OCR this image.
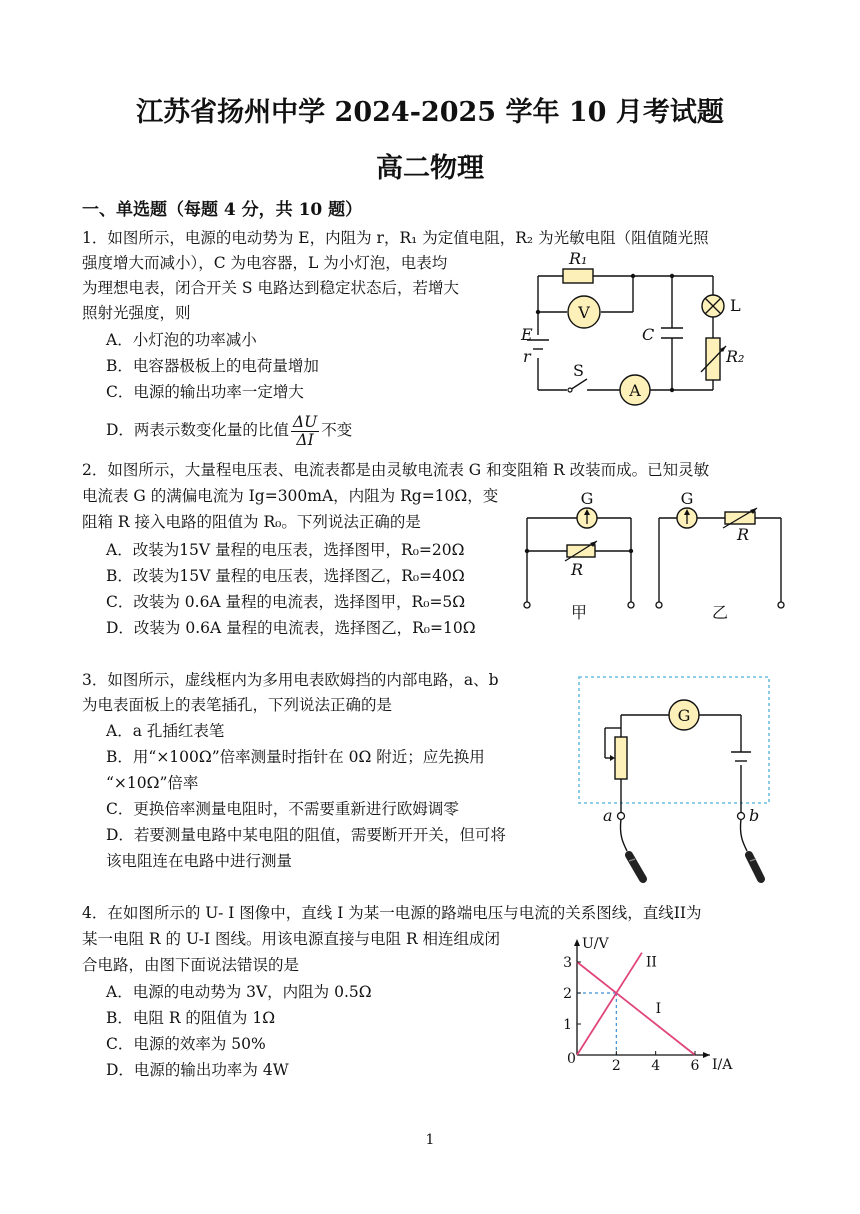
江苏省扬州中学 2024-2025 学年 10 月考试题
高二物理
一、单选题（每题 4 分，共 10 题）
1．如图所示，电源的电动势为 E，内阻为 r，R₁ 为定值电阻，R₂ 为光敏电阻（阻值随光照
强度增大而减小），C 为电容器，L 为小灯泡，电表均
为理想电表，闭合开关 S 电路达到稳定状态后，若增大
照射光强度，则
A．小灯泡的功率减小
B．电容器极板上的电荷量增加
C．电源的输出功率一定增大
D．两表示数变化量的比值 $\frac{\Delta U}{\Delta I}$ 不变
R₁
E
r
C
R₂
V
A
L
S
2．如图所示，大量程电压表、电流表都是由灵敏电流表 G 和变阻箱 R 改装而成。已知灵敏
电流表 G 的满偏电流为 Ig=300mA，内阻为 Rg=10Ω，变
阻箱 R 接入电路的阻值为 R₀。下列说法正确的是
A．改装为15V 量程的电压表，选择图甲，R₀=20Ω
B．改装为15V 量程的电压表，选择图乙，R₀=40Ω
C．改装为 0.6A 量程的电流表，选择图甲，R₀=5Ω
D．改装为 0.6A 量程的电流表，选择图乙，R₀=10Ω
G	G
甲	乙
R
R
3．如图所示，虚线框内为多用电表欧姆挡的内部电路，a、b
为电表面板上的表笔插孔，下列说法正确的是
A．a 孔插红表笔
B．用“×100Ω”倍率测量时指针在 0Ω 附近；应先换用
“×10Ω”倍率
C．更换倍率测量电阻时，不需要重新进行欧姆调零
D．若要测量电路中某电阻的阻值，需要断开开关，但可将
该电阻连在电路中进行测量
G
a	b
4．在如图所示的 U- I 图像中，直线 I 为某一电源的路端电压与电流的关系图线，直线II为
某一电阻 R 的 U-I 图线。用该电源直接与电阻 R 相连组成闭
合电路，由图下面说法错误的是
A．电源的电动势为 3V，内阻为 0.5Ω
B．电阻 R 的阻值为 1Ω
C．电源的效率为 50%
D．电源的输出功率为 4W
I
II
2 4 6
1
2
3
U/V
I/A
0
1
